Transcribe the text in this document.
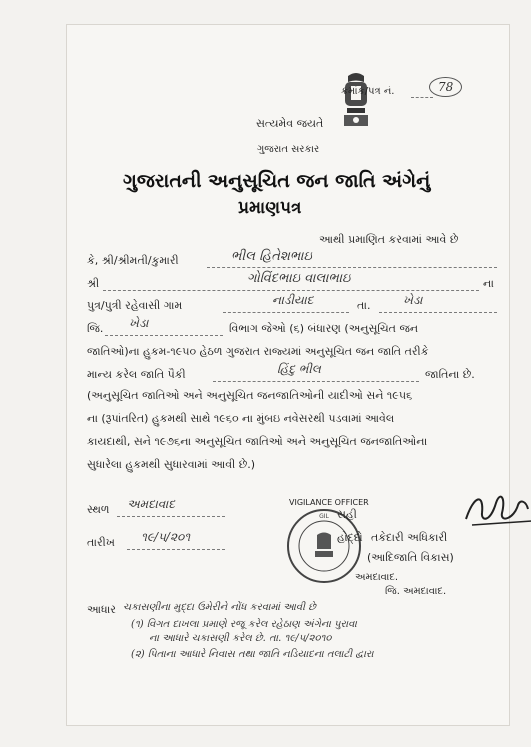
સત્યમેવ જયતે
ક્રમાંક/પત્ર નં.	78
ગુજરાત સરકાર
ગુજરાતની અનુસૂચિત જન જાતિ અંગેનું
પ્રમાણપત્ર
આથી પ્રમાણિત કરવામાં આવે છે
કે, શ્રી/શ્રીમતી/કુમારી	ભીલ હિતેશભાઇ
શ્રી	ગોવિંદભાઇ વાલાભાઇ	ના
પુત્ર/પુત્રી રહેવાસી ગામ	નાડીયાદ	તા.	ખેડા
જિ. ખેડા	વિભાગ જેઓ (૬) બંધારણ (અનુસૂચિત જન
જાતિઓ)ના હુકમ-૧૯૫૦ હેઠળ ગુજરાત રાજ્યમાં અનુસૂચિત જન જાતિ તરીકે
માન્ય કરેલ જાતિ પૈકી	હિંદુ ભીલ	જાતિના છે.
(અનુસૂચિત જાતિઓ અને અનુસૂચિત જનજાતિઓની યાદીઓ સને ૧૯૫૬
ના (રૂપાંતરિત) હુકમથી સાથે ૧૯૬૦ ના મુંબઇ નવેસરથી પડવામાં આવેલ
કાયદાથી, સને ૧૯૭૬ના અનુસૂચિત જાતિઓ અને અનુસૂચિત જનજાતિઓના
સુધારેલા હુકમથી સુધારવામાં આવી છે.)
સ્થળ અમદાવાદ
તારીખ ૧૯/૫/૨૦૧
GIL
VIGILANCE OFFICER
સહી
હોદ્દો તકેદારી અધિકારી
(આદિજાતિ વિકાસ)
અમદાવાદ.
જિ. અમદાવાદ.
આધાર ચકાસણીના મુદ્દા ઉમેરીને નોંધ કરવામાં આવી છે
(૧) વિગત દાખલા પ્રમાણે રજૂ કરેલ રહેઠાણ અંગેના પુરાવા
ના આધારે ચકાસણી કરેલ છે. તા. ૧૯/૫/૨૦૧૦
(૨) પિતાના આધારે નિવાસ તથા જાતિ નડિયાદના તલાટી દ્વારા
